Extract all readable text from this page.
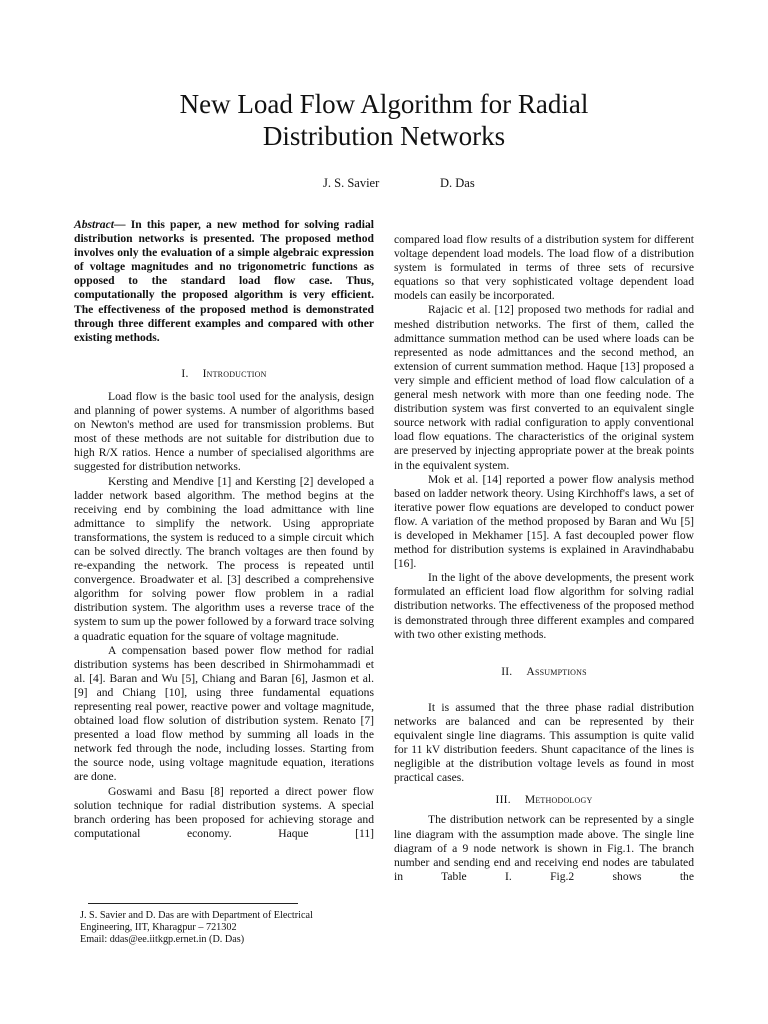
New Load Flow Algorithm for Radial
Distribution Networks
J. S. Savier	D. Das

Abstract— In this paper, a new method for solving radial distribution networks is presented. The proposed method involves only the evaluation of a simple algebraic expression of voltage magnitudes and no trigonometric functions as opposed to the standard load flow case. Thus, computationally the proposed algorithm is very efficient. The effectiveness of the proposed method is demonstrated through three different examples and compared with other existing methods.

I. Introduction

Load flow is the basic tool used for the analysis, design and planning of power systems. A number of algorithms based on Newton's method are used for transmission problems. But most of these methods are not suitable for distribution due to high R/X ratios. Hence a number of specialised algorithms are suggested for distribution networks.

Kersting and Mendive [1] and Kersting [2] developed a ladder network based algorithm. The method begins at the receiving end by combining the load admittance with line admittance to simplify the network. Using appropriate transformations, the system is reduced to a simple circuit which can be solved directly. The branch voltages are then found by re-expanding the network. The process is repeated until convergence. Broadwater et al. [3] described a comprehensive algorithm for solving power flow problem in a radial distribution system. The algorithm uses a reverse trace of the system to sum up the power followed by a forward trace solving a quadratic equation for the square of voltage magnitude.

A compensation based power flow method for radial distribution systems has been described in Shirmohammadi et al. [4]. Baran and Wu [5], Chiang and Baran [6], Jasmon et al. [9] and Chiang [10], using three fundamental equations representing real power, reactive power and voltage magnitude, obtained load flow solution of distribution system. Renato [7] presented a load flow method by summing all loads in the network fed through the node, including losses. Starting from the source node, using voltage magnitude equation, iterations are done.

Goswami and Basu [8] reported a direct power flow solution technique for radial distribution systems. A special branch ordering has been proposed for achieving storage and computational economy. Haque [11]

compared load flow results of a distribution system for different voltage dependent load models. The load flow of a distribution system is formulated in terms of three sets of recursive equations so that very sophisticated voltage dependent load models can easily be incorporated.

Rajacic et al. [12] proposed two methods for radial and meshed distribution networks. The first of them, called the admittance summation method can be used where loads can be represented as node admittances and the second method, an extension of current summation method. Haque [13] proposed a very simple and efficient method of load flow calculation of a general mesh network with more than one feeding node. The distribution system was first converted to an equivalent single source network with radial configuration to apply conventional load flow equations. The characteristics of the original system are preserved by injecting appropriate power at the break points in the equivalent system.

Mok et al. [14] reported a power flow analysis method based on ladder network theory. Using Kirchhoff's laws, a set of iterative power flow equations are developed to conduct power flow. A variation of the method proposed by Baran and Wu [5] is developed in Mekhamer [15]. A fast decoupled power flow method for distribution systems is explained in Aravindhababu [16].

In the light of the above developments, the present work formulated an efficient load flow algorithm for solving radial distribution networks. The effectiveness of the proposed method is demonstrated through three different examples and compared with two other existing methods.

II. Assumptions

It is assumed that the three phase radial distribution networks are balanced and can be represented by their equivalent single line diagrams. This assumption is quite valid for 11 kV distribution feeders. Shunt capacitance of the lines is negligible at the distribution voltage levels as found in most practical cases.

III. Methodology

The distribution network can be represented by a single line diagram with the assumption made above. The single line diagram of a 9 node network is shown in Fig.1. The branch number and sending end and receiving end nodes are tabulated in Table I. Fig.2 shows the

J. S. Savier and D. Das are with Department of Electrical
Engineering, IIT, Kharagpur – 721302
Email: ddas@ee.iitkgp.ernet.in (D. Das)
